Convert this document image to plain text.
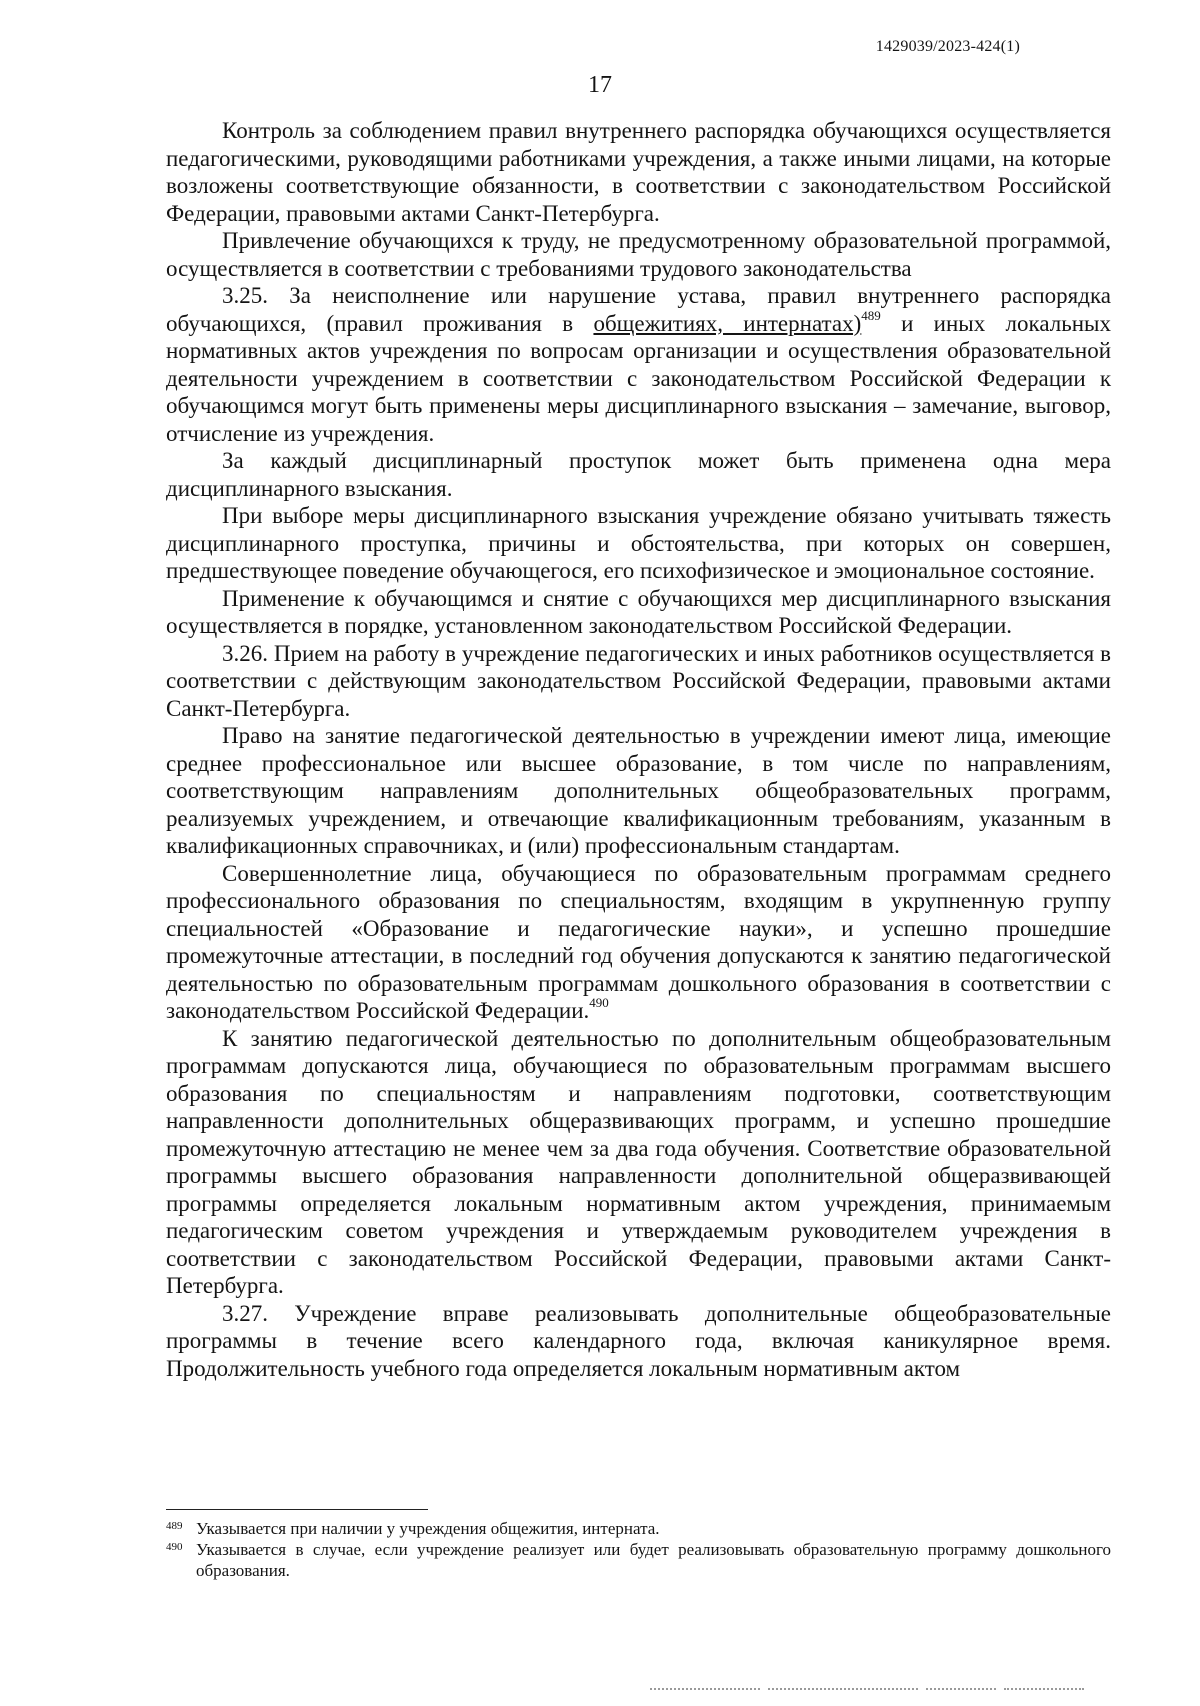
1429039/2023-424(1)
17

Контроль за соблюдением правил внутреннего распорядка обучающихся осуществляется педагогическими, руководящими работниками учреждения, а также иными лицами, на которые возложены соответствующие обязанности, в соответствии с законодательством Российской Федерации, правовыми актами Санкт-Петербурга.

Привлечение обучающихся к труду, не предусмотренному образовательной программой, осуществляется в соответствии с требованиями трудового законодательства

3.25. За неисполнение или нарушение устава, правил внутреннего распорядка обучающихся, (правил проживания в общежитиях, интернатах)$^{489}$ и иных локальных нормативных актов учреждения по вопросам организации и осуществления образовательной деятельности учреждением в соответствии с законодательством Российской Федерации к обучающимся могут быть применены меры дисциплинарного взыскания – замечание, выговор, отчисление из учреждения.

За каждый дисциплинарный проступок может быть применена одна мера дисциплинарного взыскания.

При выборе меры дисциплинарного взыскания учреждение обязано учитывать тяжесть дисциплинарного проступка, причины и обстоятельства, при которых он совершен, предшествующее поведение обучающегося, его психофизическое и эмоциональное состояние.

Применение к обучающимся и снятие с обучающихся мер дисциплинарного взыскания осуществляется в порядке, установленном законодательством Российской Федерации.

3.26. Прием на работу в учреждение педагогических и иных работников осуществляется в соответствии с действующим законодательством Российской Федерации, правовыми актами Санкт-Петербурга.

Право на занятие педагогической деятельностью в учреждении имеют лица, имеющие среднее профессиональное или высшее образование, в том числе по направлениям, соответствующим направлениям дополнительных общеобразовательных программ, реализуемых учреждением, и отвечающие квалификационным требованиям, указанным в квалификационных справочниках, и (или) профессиональным стандартам.

Совершеннолетние лица, обучающиеся по образовательным программам среднего профессионального образования по специальностям, входящим в укрупненную группу специальностей «Образование и педагогические науки», и успешно прошедшие промежуточные аттестации, в последний год обучения допускаются к занятию педагогической деятельностью по образовательным программам дошкольного образования в соответствии с законодательством Российской Федерации.$^{490}$

К занятию педагогической деятельностью по дополнительным общеобразовательным программам допускаются лица, обучающиеся по образовательным программам высшего образования по специальностям и направлениям подготовки, соответствующим направленности дополнительных общеразвивающих программ, и успешно прошедшие промежуточную аттестацию не менее чем за два года обучения. Соответствие образовательной программы высшего образования направленности дополнительной общеразвивающей программы определяется локальным нормативным актом учреждения, принимаемым педагогическим советом учреждения и утверждаемым руководителем учреждения в соответствии с законодательством Российской Федерации, правовыми актами Санкт-Петербурга.

3.27. Учреждение вправе реализовывать дополнительные общеобразовательные программы в течение всего календарного года, включая каникулярное время. Продолжительность учебного года определяется локальным нормативным актом

489 Указывается при наличии у учреждения общежития, интерната.
490 Указывается в случае, если учреждение реализует или будет реализовывать образовательную программу дошкольного образования.
